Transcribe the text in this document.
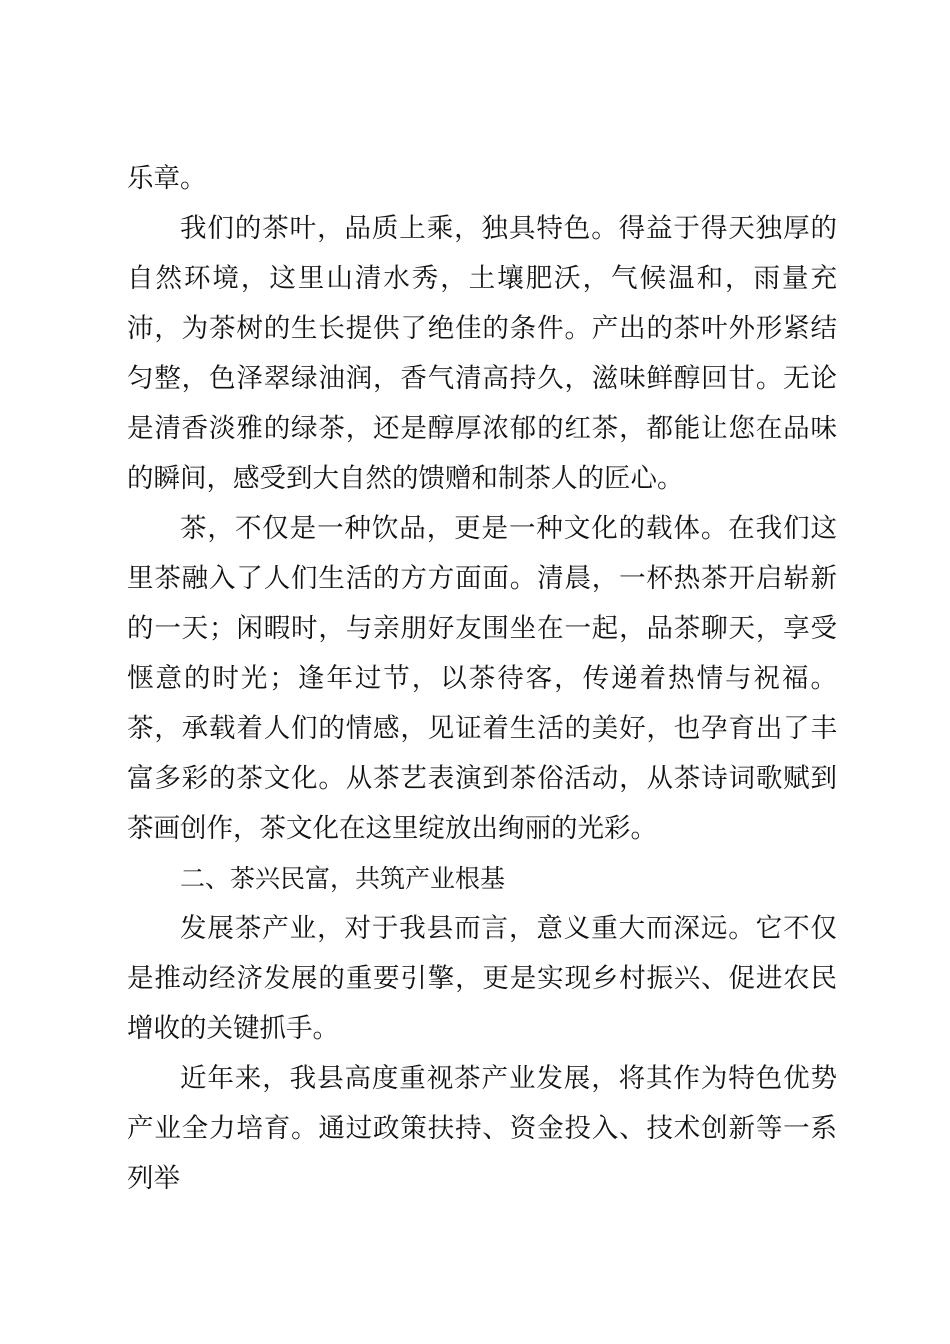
乐章。

我们的茶叶，品质上乘，独具特色。得益于得天独厚的自然环境，这里山清水秀，土壤肥沃，气候温和，雨量充沛，为茶树的生长提供了绝佳的条件。产出的茶叶外形紧结匀整，色泽翠绿油润，香气清高持久，滋味鲜醇回甘。无论是清香淡雅的绿茶，还是醇厚浓郁的红茶，都能让您在品味的瞬间，感受到大自然的馈赠和制茶人的匠心。

茶，不仅是一种饮品，更是一种文化的载体。在我们这里茶融入了人们生活的方方面面。清晨，一杯热茶开启崭新的一天；闲暇时，与亲朋好友围坐在一起，品茶聊天，享受惬意的时光；逢年过节，以茶待客，传递着热情与祝福。茶，承载着人们的情感，见证着生活的美好，也孕育出了丰富多彩的茶文化。从茶艺表演到茶俗活动，从茶诗词歌赋到茶画创作，茶文化在这里绽放出绚丽的光彩。

二、茶兴民富，共筑产业根基

发展茶产业，对于我县而言，意义重大而深远。它不仅是推动经济发展的重要引擎，更是实现乡村振兴、促进农民增收的关键抓手。

近年来，我县高度重视茶产业发展，将其作为特色优势产业全力培育。通过政策扶持、资金投入、技术创新等一系列举
